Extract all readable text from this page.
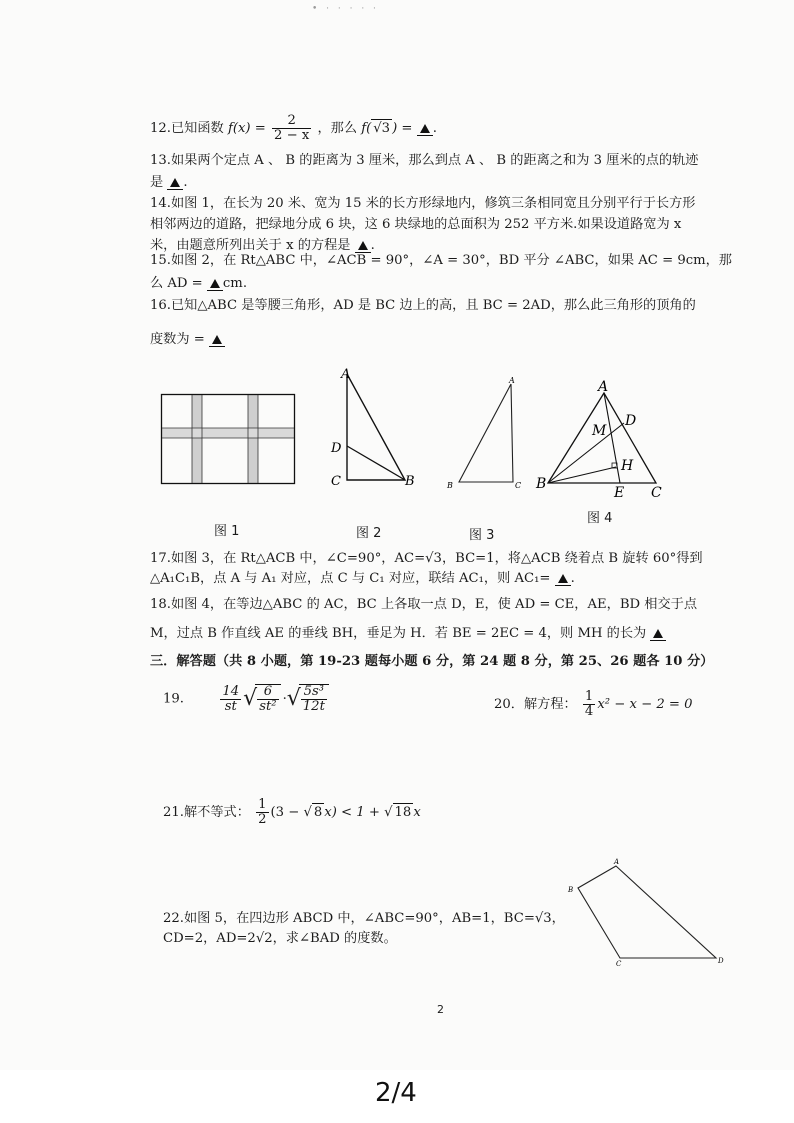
• · · · · ·
12.已知函数 $f(x) = \frac{2}{2 - x}$ ，那么 f( √3 ) = .
13.如果两个定点 A 、 B 的距离为 3 厘米，那么到点 A 、 B 的距离之和为 3 厘米的点的轨迹
是 .
14.如图 1，在长为 20 米、宽为 15 米的长方形绿地内，修筑三条相同宽且分别平行于长方形
相邻两边的道路，把绿地分成 6 块，这 6 块绿地的总面积为 252 平方米.如果设道路宽为 x
米，由题意所列出关于 x 的方程是 .
15.如图 2，在 Rt△ABC 中，∠ACB = 90°，∠A = 30°，BD 平分 ∠ABC，如果 AC = 9cm，那
么 AD = cm.
16.已知△ABC 是等腰三角形，AD 是 BC 边上的高，且 BC = 2AD，那么此三角形的顶角的
度数为 =
图 1
A
D
C	B
图 2
A
B	C
图 3
A
D
M
H
B
E C
图 4
17.如图 3，在 Rt△ACB 中，∠C=90°，AC=√3，BC=1，将△ACB 绕着点 B 旋转 60°得到
△A₁C₁B，点 A 与 A₁ 对应，点 C 与 C₁ 对应，联结 AC₁，则 AC₁= .
18.如图 4，在等边△ABC 的 AC，BC 上各取一点 D，E，使 AD = CE，AE，BD 相交于点
M，过点 B 作直线 AE 的垂线 BH，垂足为 H．若 BE = 2EC = 4，则 MH 的长为
三．解答题（共 8 小题，第 19-23 题每小题 6 分，第 24 题 8 分，第 25、26 题各 10 分）
19.	$\frac{14}{st}$ √
$\frac{6}{\text{st²}}$ ·√
$\frac{\text{5s³}}{12t}$	20．解方程： $\frac{1}{4} x^2 - x - 2 = 0$
21.解不等式： $\frac{1}{2} (3$ − √ 8 x) < 1 + √ 18 x
22.如图 5，在四边形 ABCD 中，∠ABC=90°，AB=1，BC=√3，
CD=2，AD=2√2，求∠BAD 的度数。
A
B
C	D
2
2/4
